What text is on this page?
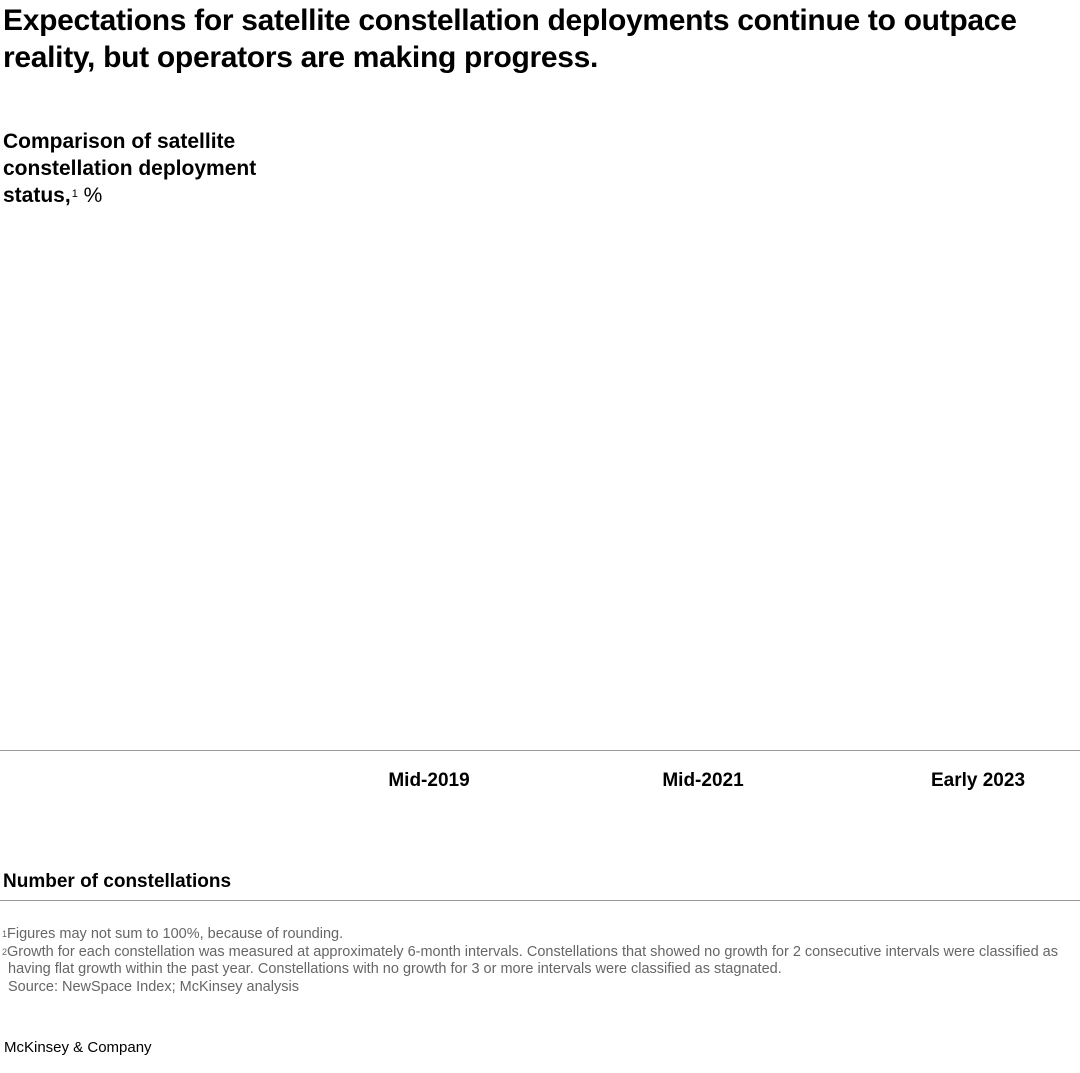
Expectations for satellite constellation deployments continue to outpace reality, but operators are making progress.
Comparison of satellite constellation deployment status,$^1$ %
Mid-2019	Mid-2021	Early 2023
Number of constellations

$^1$Figures may not sum to 100%, because of rounding.

$^2$Growth for each constellation was measured at approximately 6-month intervals. Constellations that showed no growth for 2 consecutive intervals were classified as having flat growth within the past year. Constellations with no growth for 3 or more intervals were classified as stagnated.

Source: NewSpace Index; McKinsey analysis

McKinsey & Company
